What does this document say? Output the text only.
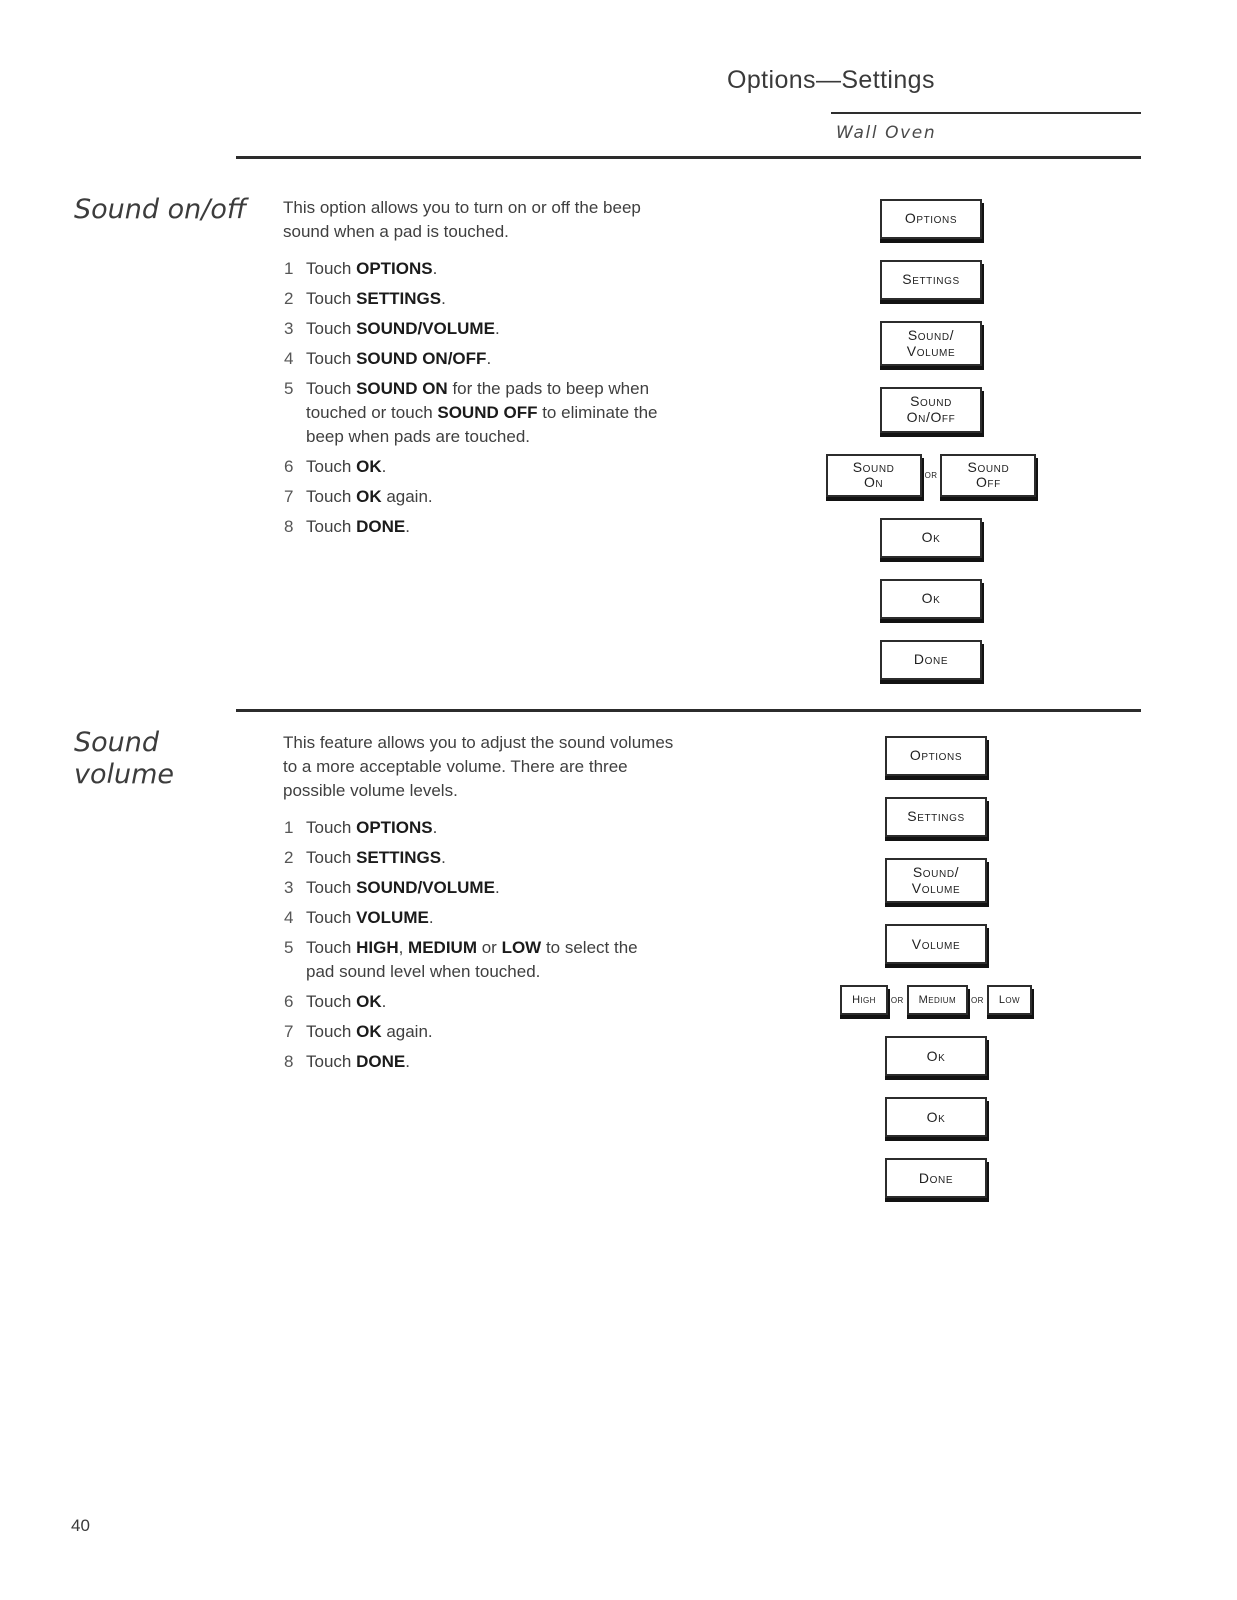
Options—Settings
Wall Oven
Sound on/off This option allows you to turn on or off the beep sound when a pad is touched.

1 Touch OPTIONS.
2 Touch SETTINGS.
3 Touch SOUND/VOLUME.
4 Touch SOUND ON/OFF.
5 Touch SOUND ON for the pads to beep when touched or touch SOUND OFF to eliminate the beep when pads are touched.
6 Touch OK.
7 Touch OK again.
8 Touch DONE.
Options
Settings
Sound/
Volume
Sound
On/Off
Sound
On	or
Sound
Off
Ok
Ok
Done
Sound volume

This feature allows you to adjust the sound volumes to a more acceptable volume. There are three possible volume levels.

1 Touch OPTIONS.
2 Touch SETTINGS.
3 Touch SOUND/VOLUME.
4 Touch VOLUME.
5 Touch HIGH, MEDIUM or LOW to select the pad sound level when touched.
6 Touch OK.
7 Touch OK again.
8 Touch DONE.
Options
Settings
Sound/
Volume
Volume
High or Medium or Low
Ok
Ok
Done
40
